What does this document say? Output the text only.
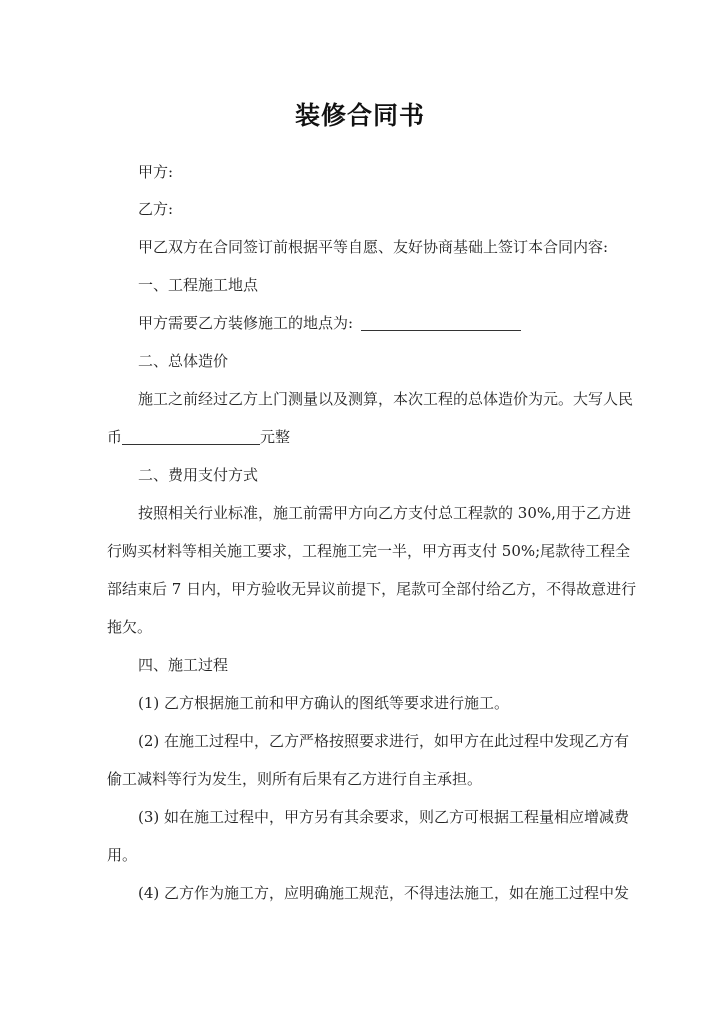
装修合同书
甲方:
乙方:
甲乙双方在合同签订前根据平等自愿、友好协商基础上签订本合同内容:
一、工程施工地点
甲方需要乙方装修施工的地点为:
二、总体造价
施工之前经过乙方上门测量以及测算，本次工程的总体造价为元。大写人民
币	元整
二、费用支付方式
按照相关行业标准，施工前需甲方向乙方支付总工程款的 30%,用于乙方进
行购买材料等相关施工要求，工程施工完一半，甲方再支付 50%;尾款待工程全
部结束后 7 日内，甲方验收无异议前提下，尾款可全部付给乙方，不得故意进行
拖欠。
四、施工过程
(1) 乙方根据施工前和甲方确认的图纸等要求进行施工。
(2) 在施工过程中，乙方严格按照要求进行，如甲方在此过程中发现乙方有
偷工减料等行为发生，则所有后果有乙方进行自主承担。
(3) 如在施工过程中，甲方另有其余要求，则乙方可根据工程量相应增减费
用。
(4) 乙方作为施工方，应明确施工规范，不得违法施工，如在施工过程中发
